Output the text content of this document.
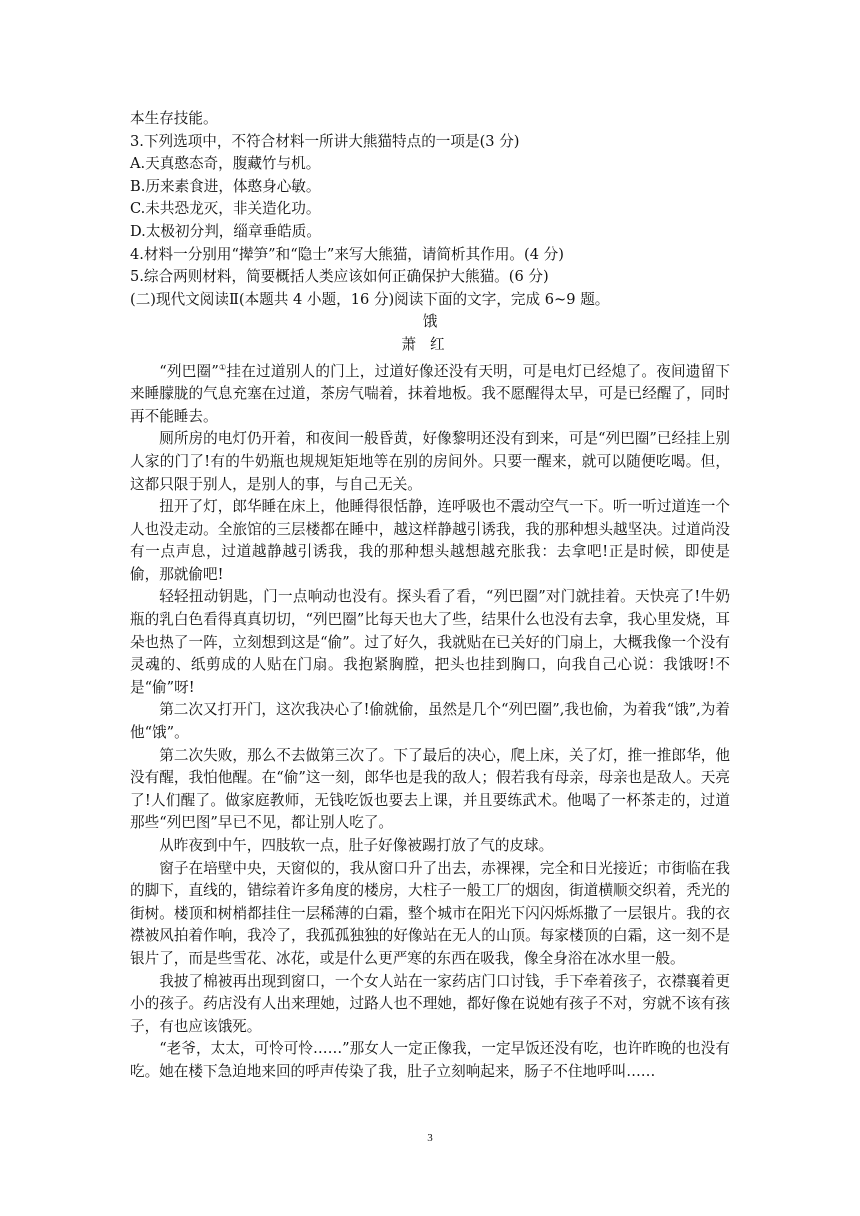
本生存技能。
3.下列选项中，不符合材料一所讲大熊猫特点的一项是(3 分)
A.天真憨态奇，腹藏竹与机。
B.历来素食进，体憨身心敏。
C.未共恐龙灭，非关造化功。
D.太极初分判，缁章垂皓质。
4.材料一分别用“撵笋”和“隐士”来写大熊猫，请简析其作用。(4 分)
5.综合两则材料，简要概括人类应该如何正确保护大熊猫。(6 分)
(二)现代文阅读Ⅱ(本题共 4 小题，16 分)阅读下面的文字，完成 6~9 题。
饿
萧红

“列巴圈”①挂在过道别人的门上，过道好像还没有天明，可是电灯已经熄了。夜间遗留下来睡朦胧的气息充塞在过道，茶房气喘着，抹着地板。我不愿醒得太早，可是已经醒了，同时再不能睡去。

厕所房的电灯仍开着，和夜间一般昏黄，好像黎明还没有到来，可是“列巴圈”已经挂上别人家的门了!有的牛奶瓶也规规矩矩地等在别的房间外。只要一醒来，就可以随便吃喝。但，这都只限于别人，是别人的事，与自己无关。

扭开了灯，郎华睡在床上，他睡得很恬静，连呼吸也不震动空气一下。听一听过道连一个人也没走动。全旅馆的三层楼都在睡中，越这样静越引诱我，我的那种想头越坚决。过道尚没有一点声息，过道越静越引诱我，我的那种想头越想越充胀我：去拿吧!正是时候，即使是偷，那就偷吧!

轻轻扭动钥匙，门一点响动也没有。探头看了看，“列巴圈”对门就挂着。天快亮了!牛奶瓶的乳白色看得真真切切，“列巴圈”比每天也大了些，结果什么也没有去拿，我心里发烧，耳朵也热了一阵，立刻想到这是“偷”。过了好久，我就贴在已关好的门扇上，大概我像一个没有灵魂的、纸剪成的人贴在门扇。我抱紧胸膛，把头也挂到胸口，向我自己心说：我饿呀!不是“偷”呀!

第二次又打开门，这次我决心了!偷就偷，虽然是几个“列巴圈”,我也偷，为着我“饿”,为着他“饿”。

第二次失败，那么不去做第三次了。下了最后的决心，爬上床，关了灯，推一推郎华，他没有醒，我怕他醒。在“偷”这一刻，郎华也是我的敌人；假若我有母亲，母亲也是敌人。天亮了!人们醒了。做家庭教师，无钱吃饭也要去上课，并且要练武术。他喝了一杯茶走的，过道那些“列巴图”早已不见，都让别人吃了。

从昨夜到中午，四肢软一点，肚子好像被踢打放了气的皮球。

窗子在培壁中央，天窗似的，我从窗口升了出去，赤裸裸，完全和日光接近；市街临在我的脚下，直线的，错综着许多角度的楼房，大柱子一般工厂的烟囱，街道横顺交织着，秃光的街树。楼顶和树梢都挂住一层稀薄的白霜，整个城市在阳光下闪闪烁烁撒了一层银片。我的衣襟被风拍着作响，我冷了，我孤孤独独的好像站在无人的山顶。每家楼顶的白霜，这一刻不是银片了，而是些雪花、冰花，或是什么更严寒的东西在吸我，像全身浴在冰水里一般。

我披了棉被再出现到窗口，一个女人站在一家药店门口讨钱，手下牵着孩子，衣襟襄着更小的孩子。药店没有人出来理她，过路人也不理她，都好像在说她有孩子不对，穷就不该有孩子，有也应该饿死。

“老爷，太太，可怜可怜……”那女人一定正像我，一定早饭还没有吃，也许昨晚的也没有吃。她在楼下急迫地来回的呼声传染了我，肚子立刻响起来，肠子不住地呼叫……

3
